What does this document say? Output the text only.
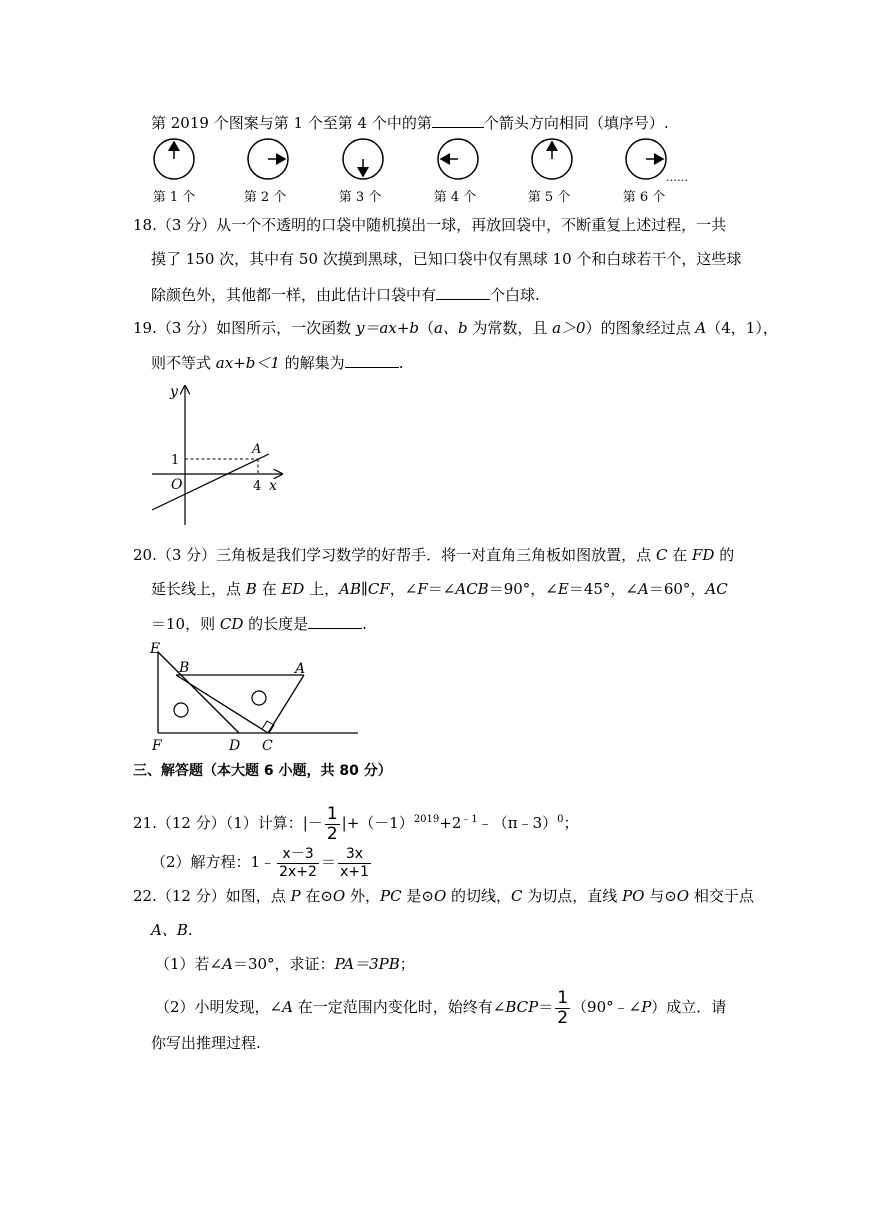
第 2019 个图案与第 1 个至第 4 个中的第	个箭头方向相同（填序号）.
第 1 个	第 2 个	第 3 个	第 4 个	第 5 个	第 6 个
……
18.（3 分）从一个不透明的口袋中随机摸出一球，再放回袋中，不断重复上述过程，一共
摸了 150 次，其中有 50 次摸到黑球，已知口袋中仅有黑球 10 个和白球若干个，这些球
除颜色外，其他都一样，由此估计口袋中有	个白球.
19.（3 分）如图所示，一次函数 y＝ax+b（a、b 为常数，且 a＞0）的图象经过点 A（4，1），
则不等式 ax+b＜1 的解集为	.
y
x
A
1
O	4
20.（3 分）三角板是我们学习数学的好帮手．将一对直角三角板如图放置，点 C 在 FD 的
延长线上，点 B 在 ED 上，AB∥CF，∠F＝∠ACB＝90°，∠E＝45°，∠A＝60°，AC
＝10，则 CD 的长度是	.
E
B	A
F	D C
三、解答题（本大题 6 小题，共 80 分）
21.（12 分）（1）计算：|－ $\frac{1}{2}$ $|+(-1)^{2019}+2^{﹣1}﹣(\pi﹣3)^0$；
（2）解方程：1﹣ $\frac{x-3}{2x+2} = \frac{3x}{x+1}$
22.（12 分）如图，点 P 在⊙O 外，PC 是⊙O 的切线，C 为切点，直线 PO 与⊙O 相交于点
A、B.
（1）若∠A＝30°，求证：PA＝3PB；
（2）小明发现，∠A 在一定范围内变化时，始终有∠BCP＝ $\frac{1}{2}$ （90°﹣∠P）成立．请
你写出推理过程.
